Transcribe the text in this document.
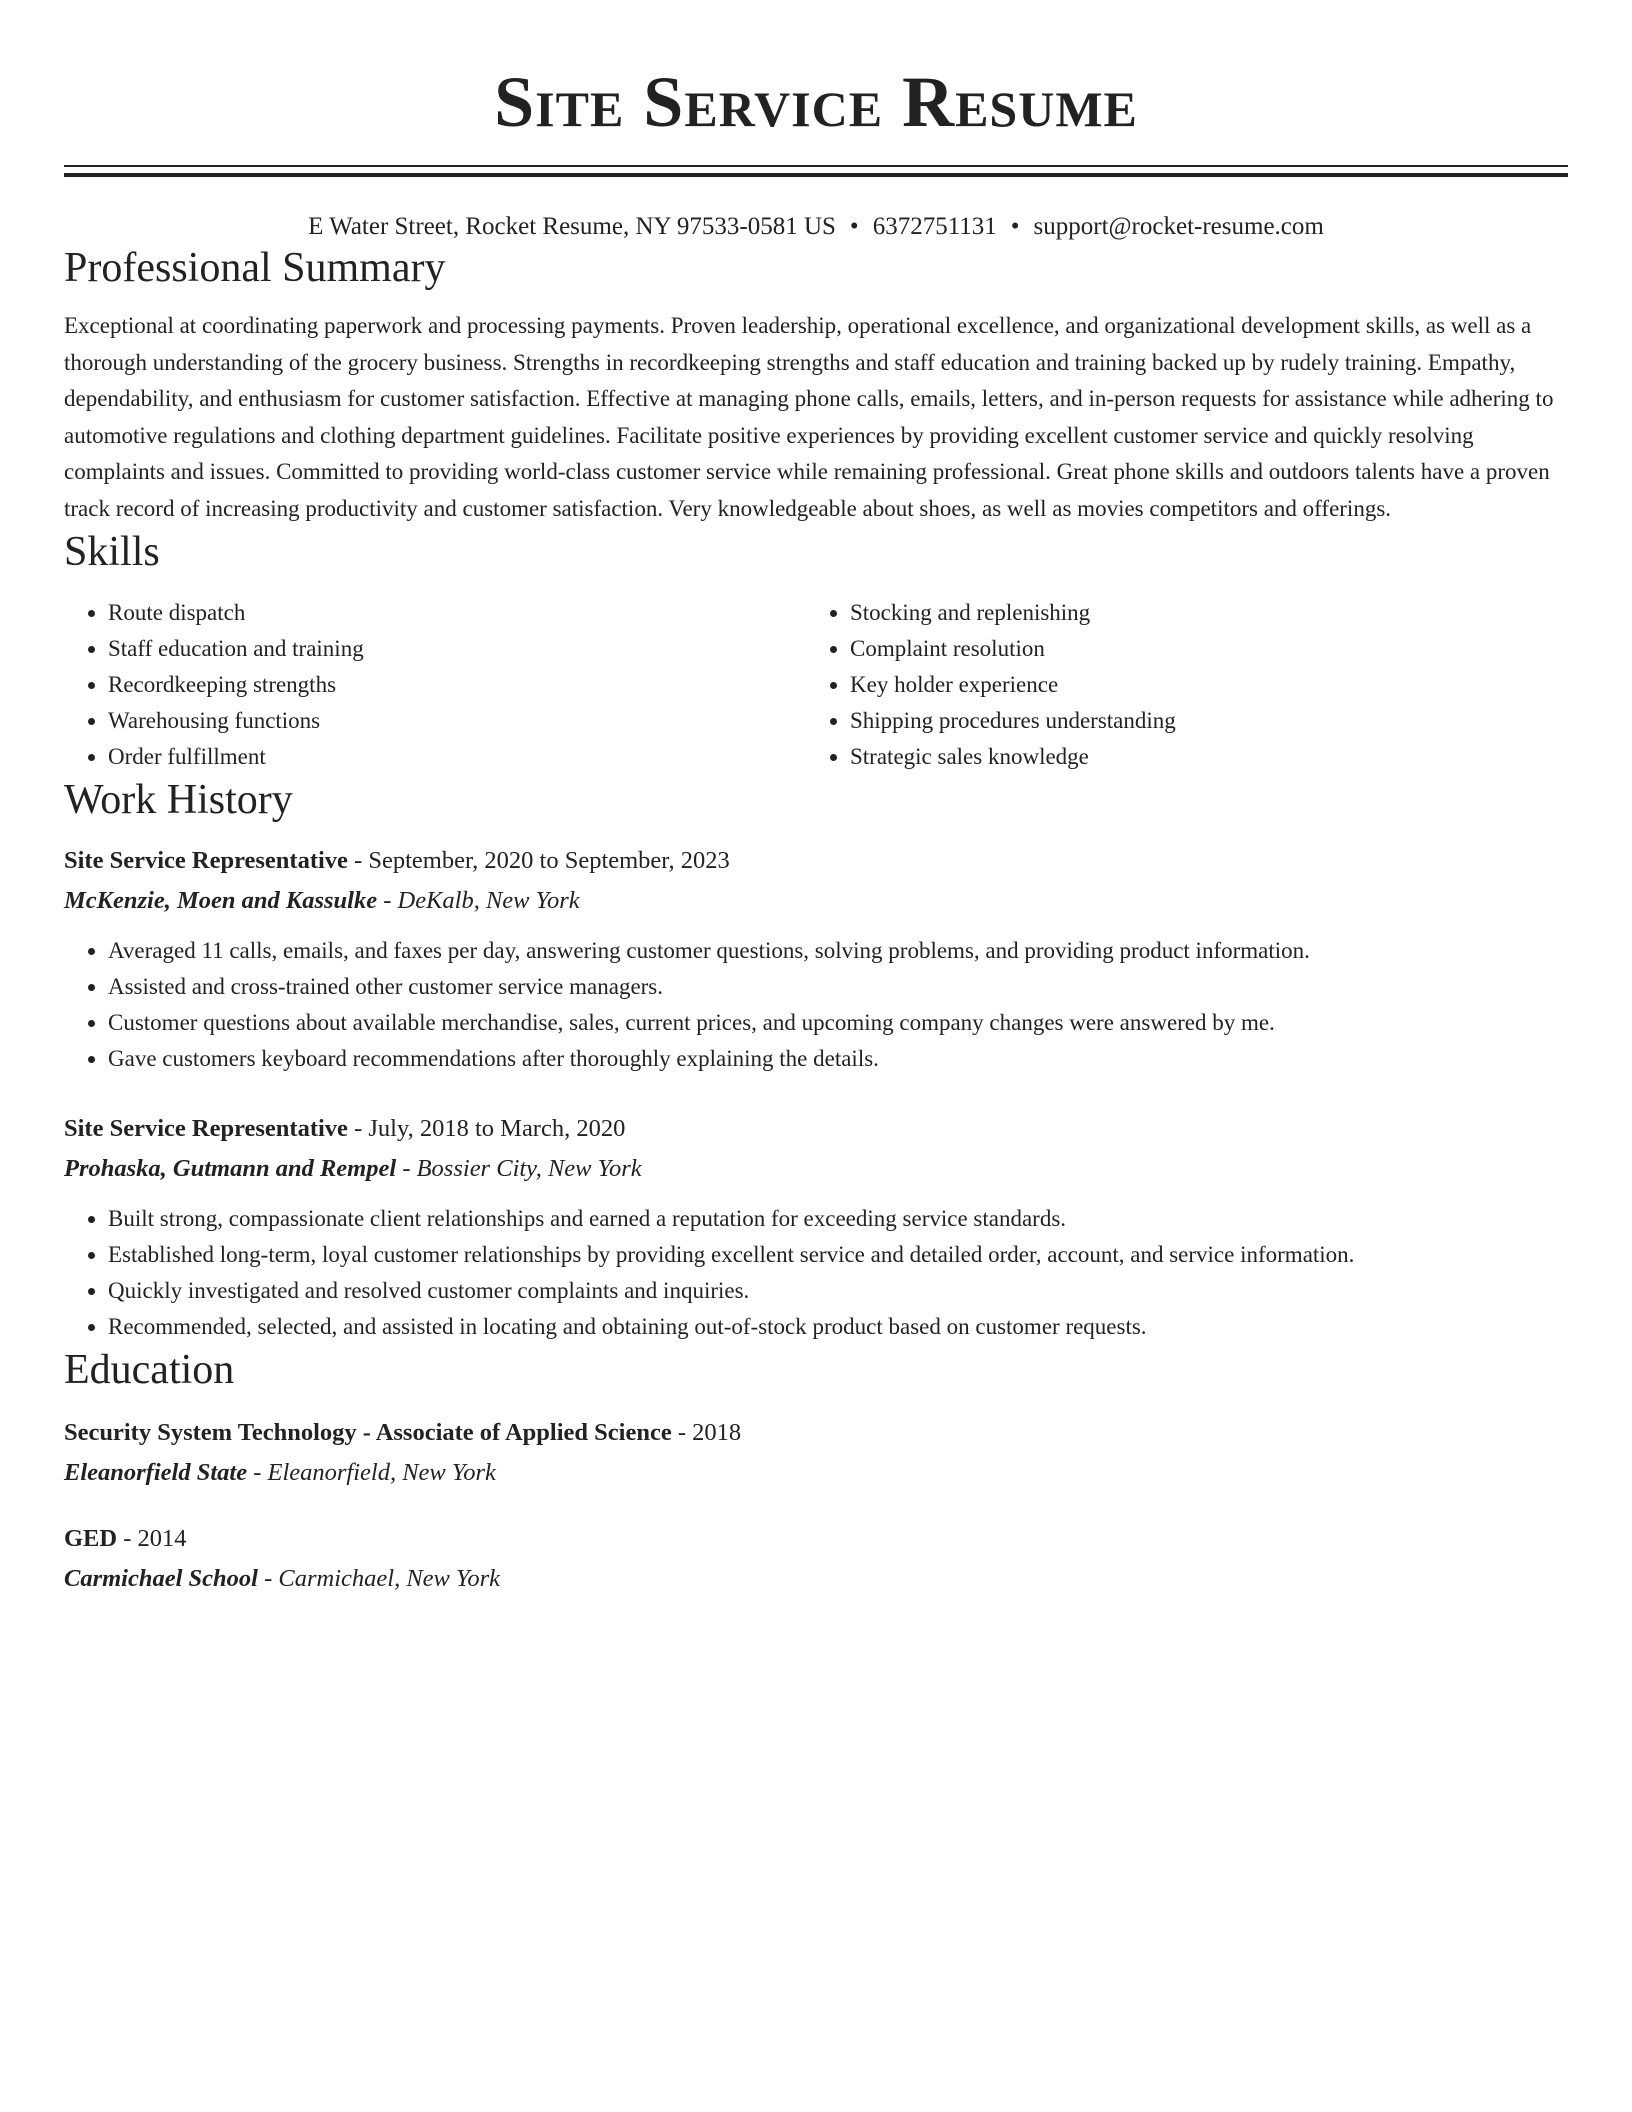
Site Service Resume
E Water Street, Rocket Resume, NY 97533-0581 US • 6372751131 • support@rocket-resume.com
Professional Summary
Exceptional at coordinating paperwork and processing payments. Proven leadership, operational excellence, and organizational development skills, as well as a thorough understanding of the grocery business. Strengths in recordkeeping strengths and staff education and training backed up by rudely training. Empathy, dependability, and enthusiasm for customer satisfaction. Effective at managing phone calls, emails, letters, and in-person requests for assistance while adhering to automotive regulations and clothing department guidelines. Facilitate positive experiences by providing excellent customer service and quickly resolving complaints and issues. Committed to providing world-class customer service while remaining professional. Great phone skills and outdoors talents have a proven track record of increasing productivity and customer satisfaction. Very knowledgeable about shoes, as well as movies competitors and offerings.
Skills
• Route dispatch
• Staff education and training
• Recordkeeping strengths
• Warehousing functions
• Order fulfillment
• Stocking and replenishing
• Complaint resolution
• Key holder experience
• Shipping procedures understanding
• Strategic sales knowledge
Work History
Site Service Representative - September, 2020 to September, 2023
McKenzie, Moen and Kassulke - DeKalb, New York
• Averaged 11 calls, emails, and faxes per day, answering customer questions, solving problems, and providing product information.
• Assisted and cross-trained other customer service managers.
• Customer questions about available merchandise, sales, current prices, and upcoming company changes were answered by me.
• Gave customers keyboard recommendations after thoroughly explaining the details.
Site Service Representative - July, 2018 to March, 2020
Prohaska, Gutmann and Rempel - Bossier City, New York
• Built strong, compassionate client relationships and earned a reputation for exceeding service standards.
• Established long-term, loyal customer relationships by providing excellent service and detailed order, account, and service information.
• Quickly investigated and resolved customer complaints and inquiries.
• Recommended, selected, and assisted in locating and obtaining out-of-stock product based on customer requests.
Education
Security System Technology - Associate of Applied Science - 2018
Eleanorfield State - Eleanorfield, New York
GED - 2014
Carmichael School - Carmichael, New York
